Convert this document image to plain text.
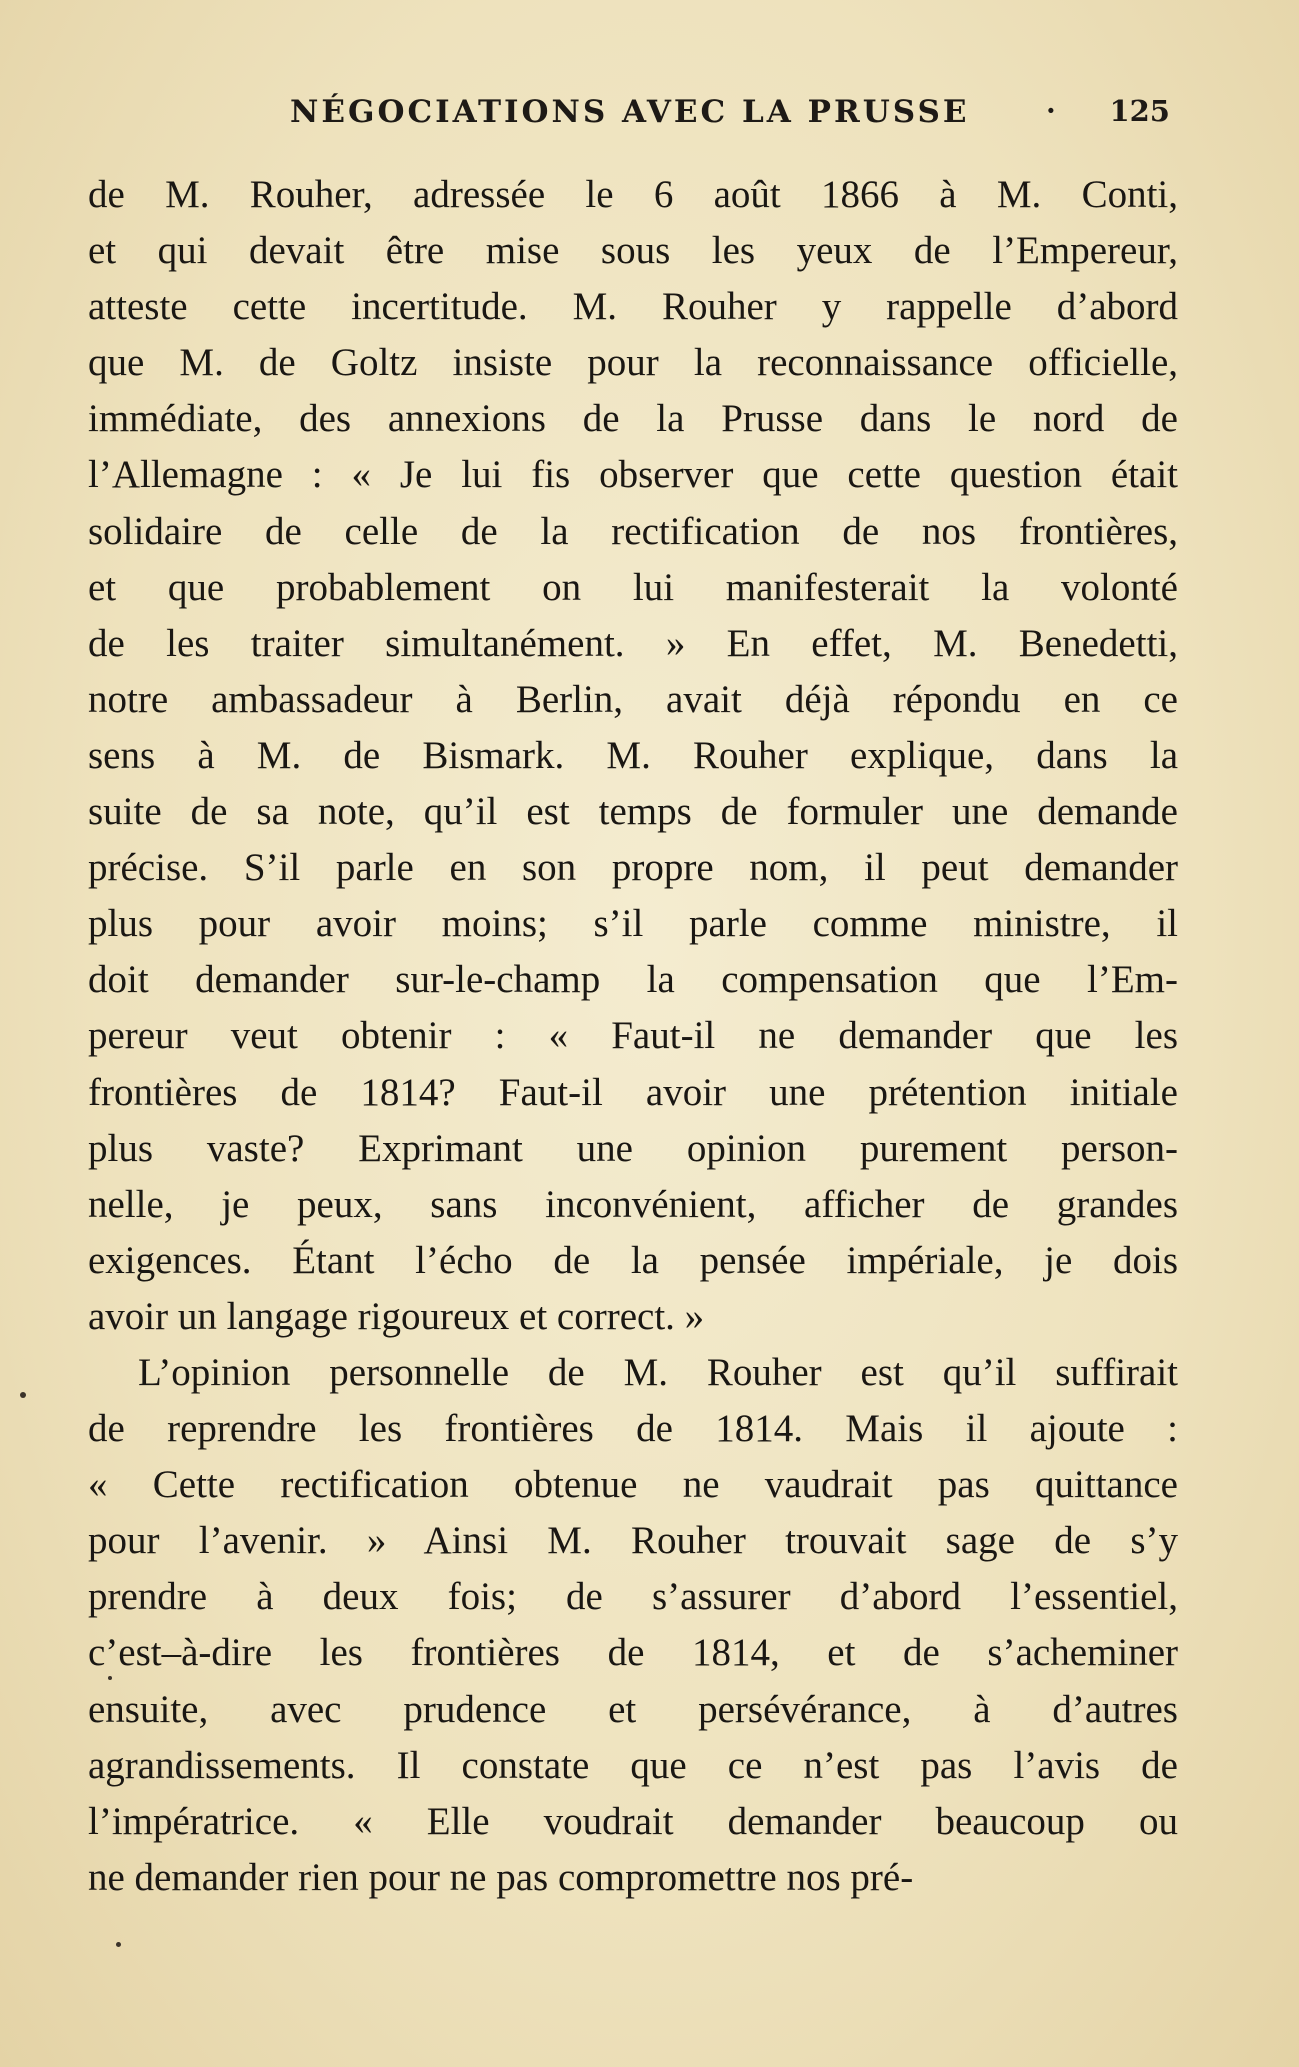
NÉGOCIATIONS AVEC LA PRUSSE	· 125
de M. Rouher, adressée le 6 août 1866 à M. Conti,
et qui devait être mise sous les yeux de l’Empereur,
atteste cette incertitude. M. Rouher y rappelle d’abord
que M. de Goltz insiste pour la reconnaissance officielle,
immédiate, des annexions de la Prusse dans le nord de
l’Allemagne : « Je lui fis observer que cette question était
solidaire de celle de la rectification de nos frontières,
et que probablement on lui manifesterait la volonté
de les traiter simultanément. » En effet, M. Benedetti,
notre ambassadeur à Berlin, avait déjà répondu en ce
sens à M. de Bismark. M. Rouher explique, dans la
suite de sa note, qu’il est temps de formuler une demande
précise. S’il parle en son propre nom, il peut demander
plus pour avoir moins; s’il parle comme ministre, il
doit demander sur-le-champ la compensation que l’Em-
pereur veut obtenir : « Faut-il ne demander que les
frontières de 1814? Faut-il avoir une prétention initiale
plus vaste? Exprimant une opinion purement person-
nelle, je peux, sans inconvénient, afficher de grandes
exigences. Étant l’écho de la pensée impériale, je dois
avoir un langage rigoureux et correct. »
L’opinion personnelle de M. Rouher est qu’il suffirait
de reprendre les frontières de 1814. Mais il ajoute :
« Cette rectification obtenue ne vaudrait pas quittance
pour l’avenir. » Ainsi M. Rouher trouvait sage de s’y
prendre à deux fois; de s’assurer d’abord l’essentiel,
c’est–à-dire les frontières de 1814, et de s’acheminer
ensuite, avec prudence et persévérance, à d’autres
agrandissements. Il constate que ce n’est pas l’avis de
l’impératrice. « Elle voudrait demander beaucoup ou
ne demander rien pour ne pas compromettre nos pré-
